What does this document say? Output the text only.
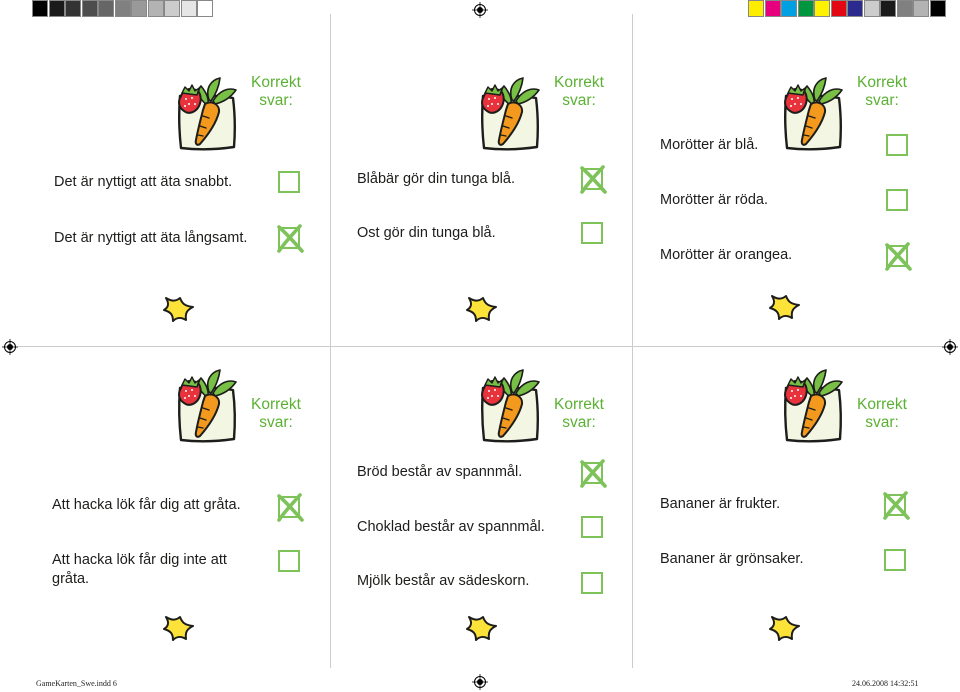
Korrekt svar:
Det är nyttigt att äta snabbt.
Det är nyttigt att äta långsamt.
Korrekt svar:
Blåbär gör din tunga blå.
Ost gör din tunga blå.
Korrekt svar:
Morötter är blå.
Morötter är röda.
Morötter är orangea.
Korrekt svar:
Att hacka lök får dig att gråta.
Att hacka lök får dig inte att gråta.
Korrekt svar:
Bröd består av spannmål.
Choklad består av spannmål.
Mjölk består av sädeskorn.
Korrekt svar:
Bananer är frukter.
Bananer är grönsaker.
GameKarten_Swe.indd 6	24.06.2008 14:32:51
